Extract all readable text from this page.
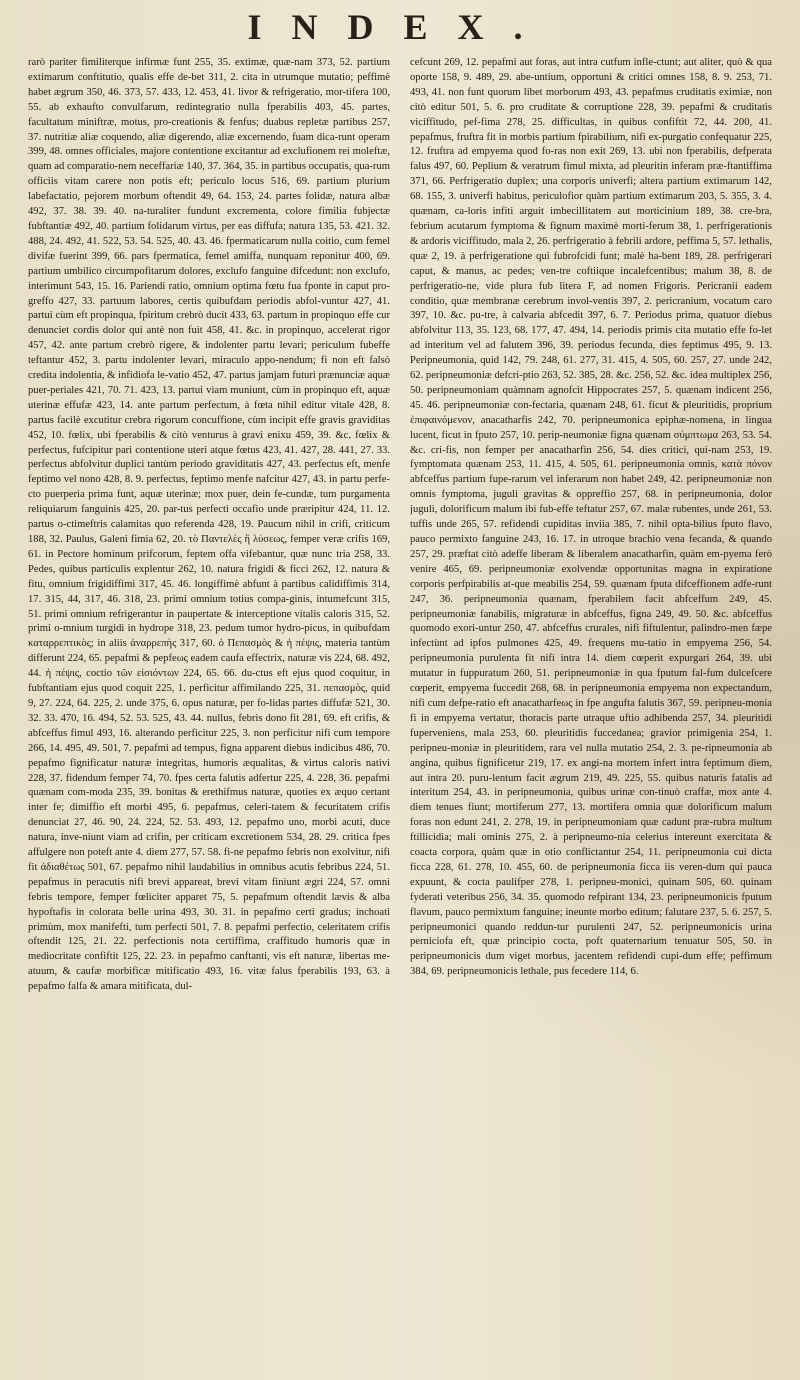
INDEX.

rarò pariter fimiliterque infirmæ funt 255, 35. extimæ, quæ-nam 373, 52. partium extimarum conftitutio, qualis effe de-bet 311, 2. cita in utrumque mutatio; peffimè habet ægrum 350, 46. 373, 57. 433, 12. 453, 41. livor & refrigeratio, mor-tifera 100, 55. ab exhaufto convulfarum, redintegratio nulla fperabilis 403, 45. partes, facultatum miniftræ, motus, pro-creationis & fenfus; duabus repletæ partibus 257, 37. nutritiæ aliæ coquendo, aliæ digerendo, aliæ excernendo, fuam dica-runt operam 399, 48. omnes officiales, majore contentione excitantur ad exclufionem rei moleftæ, quam ad comparatio-nem neceffariæ 140, 37. 364, 35. in partibus occupatis, qua-rum officiis vitam carere non potis eft; periculo locus 516, 69. partium plurium labefactatio, pejorem morbum oftendit 49, 64. 153, 24. partes folidæ, natura albæ 492, 37. 38. 39. 40. na-turaliter fundunt excrementa, colore fimilia fubjectæ fubftantiæ 492, 40. partium folidarum virtus, per eas diffufa; natura 135, 53. 421. 32. 488, 24. 492, 41. 522, 53. 54. 525, 40. 43. 46. fpermaticarum nulla coitio, cum femel divifæ fuerint 399, 66. pars fpermatica, femel amiffa, nunquam reponitur 400, 69. partium umbilico circumpofitarum dolores, exclufo fanguine difcedunt: non exclufo, interimunt 543, 15. 16. Pariendi ratio, omnium optima fœtu fua fponte in caput pro-greffo 427, 33. partuum labores, certis quibufdam periodis abfol-vuntur 427, 41. partui cùm eft propinqua, fpiritum crebrò ducit 433, 63. partum in propinquo effe cur denunciet cordis dolor qui antè non fuit 458, 41. &c. in propinquo, accelerat rigor 457, 42. ante partum crebrò rigere, & indolenter partu levari; periculum fubeffe teftantur 452, 3. partu indolenter levari, miraculo appo-nendum; fi non eft falsò credita indolentia, & infidiofa le-vatio 452, 47. partus jamjam futuri prænunciæ aquæ puer-periales 421, 70. 71. 423, 13. partui viam muniunt, cùm in propinquo eft, aquæ uterinæ effufæ 423, 14. ante partum perfectum, à fœta nihil editur vitale 428, 8. partus facilè excutitur crebra rigorum concuffione, cùm incipit effe gravis graviditas 452, 10. fœlix, ubi fperabilis & citò venturus à gravi enixu 459, 39. &c. fœlix & perfectus, fufcipitur pari contentione uteri atque fœtus 423, 41. 427, 28. 441, 27. 33. perfectus abfolvitur duplici tantùm periodo graviditatis 427, 43. perfectus eft, menfe feptimo vel nono 428, 8. 9. perfectus, feptimo menfe nafcitur 427, 43. in partu perfe-cto puerperia prima funt, aquæ uterinæ; mox puer, dein fe-cundæ, tum purgamenta reliquiarum fanguinis 425, 20. par-tus perfecti occafio unde præripitur 424, 11. 12. partus o-ctimeftris calamitas quo referenda 428, 19. Paucum nihil in crifi, criticum 188, 32. Paulus, Galeni fimia 62, 20. τὸ Παντελὲς ἢ λύσεως, femper veræ crifis 169, 61. in Pectore hominum prifcorum, feptem offa vifebantur, quæ nunc tria 258, 33. Pedes, quibus particulis explentur 262, 10. natura frigidi & ficci 262, 12. natura & fitu, omnium frigidiffimi 317, 45. 46. longiffimè abfunt à partibus calidiffimis 314, 17. 315, 44, 317, 46. 318, 23. primi omnium totius compa-ginis, intumefcunt 315, 51. primi omnium refrigerantur in paupertate & interceptione vitalis caloris 315, 52. primi o-mnium turgidi in hydrope 318, 23. pedum tumor hydro-picus, in quibufdam καταρρεπτικὸς; in aliis ἀναρρεπὴς 317, 60. ὁ Πεπασμὸς & ἡ πέψις, materia tantùm differunt 224, 65. pepafmi & pepfeως eadem caufa effectrix, naturæ vis 224, 68. 492, 44. ἡ πέψις, coctio τῶν εἰσιόντων 224, 65. 66. du-ctus eft ejus quod coquitur, in fubftantiam ejus quod coquit 225, 1. perficitur affimilando 225, 31. πεπασμὸς, quid 9, 27. 224, 64. 225, 2. unde 375, 6. opus naturæ, per fo-lidas partes diffufæ 521, 30. 32. 33. 470, 16. 494, 52. 53. 525, 43. 44. nullus, febris dono fit 281, 69. eft crifis, & abfceffus fimul 493, 16. alterando perficitur 225, 3. non perficitur nifi cum tempore 266, 14. 495, 49. 501, 7. pepafmi ad tempus, figna apparent diebus indicibus 486, 70. pepafmo fignificatur naturæ integritas, humoris æqualitas, & virtus caloris nativi 228, 37. fidendum femper 74, 70. fpes certa falutis adfertur 225, 4. 228, 36. pepafmi quænam com-moda 235, 39. bonitas & erethifmus naturæ, quoties ex æquo certant inter fe; dimiffio eft morbi 495, 6. pepafmus, celeri-tatem & fecuritatem crifis denunciat 27, 46. 90, 24. 224, 52. 53. 493, 12. pepafmo uno, morbi acuti, duce natura, inve-niunt viam ad crifin, per criticam excretionem 534, 28. 29. critica fpes affulgere non poteft ante 4. diem 277, 57. 58. fi-ne pepafmo febris non exolvitur, nifi fit ἀδιαθέτως 501, 67. pepafmo nihil laudabilius in omnibus acutis febribus 224, 51. pepafmus in peracutis nifi brevi appareat, brevi vitam finiunt ægri 224, 57. omni febris tempore, femper fœliciter apparet 75, 5. pepafmum oftendit lævis & alba hypoftafis in colorata belle urina 493, 30. 31. in pepafmo certi gradus; inchoati primùm, mox manifefti, tum perfecti 501, 7. 8. pepafmi perfectio, celeritatem crifis oftendit 125, 21. 22. perfectionis nota certiffima, craffitudo humoris quæ in mediocritate confiftit 125, 22. 23. in pepafmo canftanti, vis eft naturæ, libertas me-atuum, & caufæ morbificæ mitificatio 493, 16. vitæ falus fperabilis 193, 63. à pepafmo falfa & amara mitificata, dul-

cefcunt 269, 12. pepafmi aut foras, aut intra cutfum infle-ctunt; aut aliter, quò & qua oporte 158, 9. 489, 29. abe-untium, opportuni & critici omnes 158, 8. 9. 253, 71. 493, 41. non funt quorum libet morborum 493, 43. pepafmus cruditatis eximiæ, non citò editur 501, 5. 6. pro cruditate & corruptione 228, 39. pepafmi & cruditatis viciffitudo, pef-fima 278, 25. difficultas, in quibus confiftit 72, 44. 200, 41. pepafmus, fruftra fit in morbis partium fpirabilium, nifi ex-purgatio confequatur 225, 12. fruftra ad empyema quod fo-ras non exit 269, 13. ubi non fperabilis, defperata falus 497, 60. Peplium & veratrum fimul mixta, ad pleuritin inferam præ-ftantiffima 371, 66. Perfrigeratio duplex; una corporis univerfi; altera partium extimarum 142, 68. 155, 3. univerfi habitus, periculofior quàm partium extimarum 203, 5. 355, 3. 4. quænam, ca-loris infiti arguit imbecillitatem aut morticinium 189, 38. cre-bra, febrium acutarum fymptoma & fignum maximè morti-ferum 38, 1. perfrigerationis & ardoris viciffitudo, mala 2, 26. perfrigeratio à febrili ardore, peffima 5, 57. lethalis, quæ 2, 19. à perfrigeratione qui fubrofcidi funt; malè ha-bent 189, 28. perfrigerari caput, & manus, ac pedes; ven-tre coftiique incalefcentibus; malum 38, 8. de perfrigeratio-ne, vide plura fub litera F, ad nomen Frigoris. Pericranii eadem conditio, quæ membranæ cerebrum invol-ventis 397, 2. pericranium, vocatum caro 397, 10. &c. pu-tre, à calvaria abfcedit 397, 6. 7. Periodus prima, quatuor diebus abfolvitur 113, 35. 123, 68. 177, 47. 494, 14. periodis primis cita mutatio effe fo-let ad interitum vel ad falutem 396, 39. periodus fecunda, dies feptimus 495, 9. 13. Peripneumonia, quid 142, 79. 248, 61. 277, 31. 415, 4. 505, 60. 257, 27. unde 242, 62. peripneumoniæ defcri-ptio 263, 52. 385, 28. &c. 256, 52. &c. idea multiplex 256, 50. peripneumoniam quàmnam agnofcit Hippocrates 257, 5. quænam indicent 256, 45. 46. peripneumoniæ con-fectaria, quænam 248, 61. ficut & pleuritidis, proprium ἐπιφαινόμενον, anacatharfis 242, 70. peripneumonica epiphæ-nomena, in lingua lucent, ficut in fputo 257, 10. perip-neumoniæ figna quænam σύμπτωμα 263, 53. 54. &c. cri-fis, non femper per anacatharfin 256, 54. dies critici, qui-nam 253, 19. fymptomata quænam 253, 11. 415, 4. 505, 61. peripneumonia omnis, κατὰ πόνον abfceffus partium fupe-rarum vel inferarum non habet 249, 42. peripneumoniæ non omnis fymptoma, juguli gravitas & oppreffio 257, 68. in peripneumonia, dolor juguli, dolorificum malum ibi fub-effe teftatur 257, 67. malæ rubentes, unde 261, 53. tuffis unde 265, 57. refidendi cupiditas inviia 385, 7. nihil opta-bilius fputo flavo, pauco permixto fanguine 243, 16. 17. in utroque brachio vena fecanda, & quando 257, 29. præftat citò adeffe liberam & liberalem anacatharfin, quàm em-pyema ferò venire 465, 69. peripneumoniæ exolvendæ opportunitas magna in expiratione corporis perfpirabilis at-que meabilis 254, 59. quænam fputa difceffionem adfe-runt 247, 36. peripneumonia quænam, fperabilem facit abfceffum 249, 45. peripneumoniæ fanabilis, migraturæ in abfceffus, figna 249, 49. 50. &c. abfceffus quomodo exori-untur 250, 47. abfceffus crurales, nifi fiftulentur, palindro-men fæpe infectùnt ad ipfos pulmones 425, 49. frequens mu-tatio in empyema 256, 54. peripneumonia purulenta fit nifi intra 14. diem cœperit expurgari 264, 39. ubi mutatur in fuppuratum 260, 51. peripneumoniæ in qua fputum fal-fum dulcefcere cœperit, empyema fuccedit 268, 68. in peripneumonia empyema non expectandum, nifi cum defpe-ratio eft anacatharfeως in fpe angufta falutis 367, 59. peripneu-monia fi in empyema vertatur, thoracis parte utraque uftio adhibenda 257, 34. pleuritidi fuperveniens, mala 253, 60. pleuritidis fuccedanea; gravior primigenia 254, 1. peripneu-moniæ in pleuritidem, rara vel nulla mutatio 254, 2. 3. pe-ripneumonia ab angina, quibus fignificetur 219, 17. ex angi-na mortem infert intra feptimum diem, aut intra 20. puru-lentum facit ægrum 219, 49. 225, 55. quibus naturis fatalis ad interitum 254, 43. in peripneumonia, quibus urinæ con-tinuò craffæ, mox ante 4. diem tenues fiunt; mortiferum 277, 13. mortifera omnia quæ dolorificum malum foras non edunt 241, 2. 278, 19. in peripneumoniam quæ cadunt præ-rubra multum ftillicidia; mali ominis 275, 2. à peripneumo-nia celerius intereunt exercitata & coacta corpora, quàm quæ in otio conflictantur 254, 11. peripneumonia cui dicta ficca 228, 61. 278, 10. 455, 60. de peripneumonia ficca iis veren-dum qui pauca expuunt, & cocta paulifper 278, 1. peripneu-monici, quinam 505, 60. quinam fyderati veteribus 256, 34. 35. quomodo refpirant 134, 23. peripneumonicis fputum flavum, pauco permixtum fanguine; ineunte morbo editum; falutare 237, 5. 6. 257, 5. peripneumonici quando reddun-tur purulenti 247, 52. peripneumonicis urina perniciofa eft, quæ principio cocta, poft quaternarium tenuatur 505, 50. in peripneumonicis dum viget morbus, jacentem refidendi cupi-dum effe; peffimum 384, 69. peripneumonicis lethale, pus fecedere 114, 6.
